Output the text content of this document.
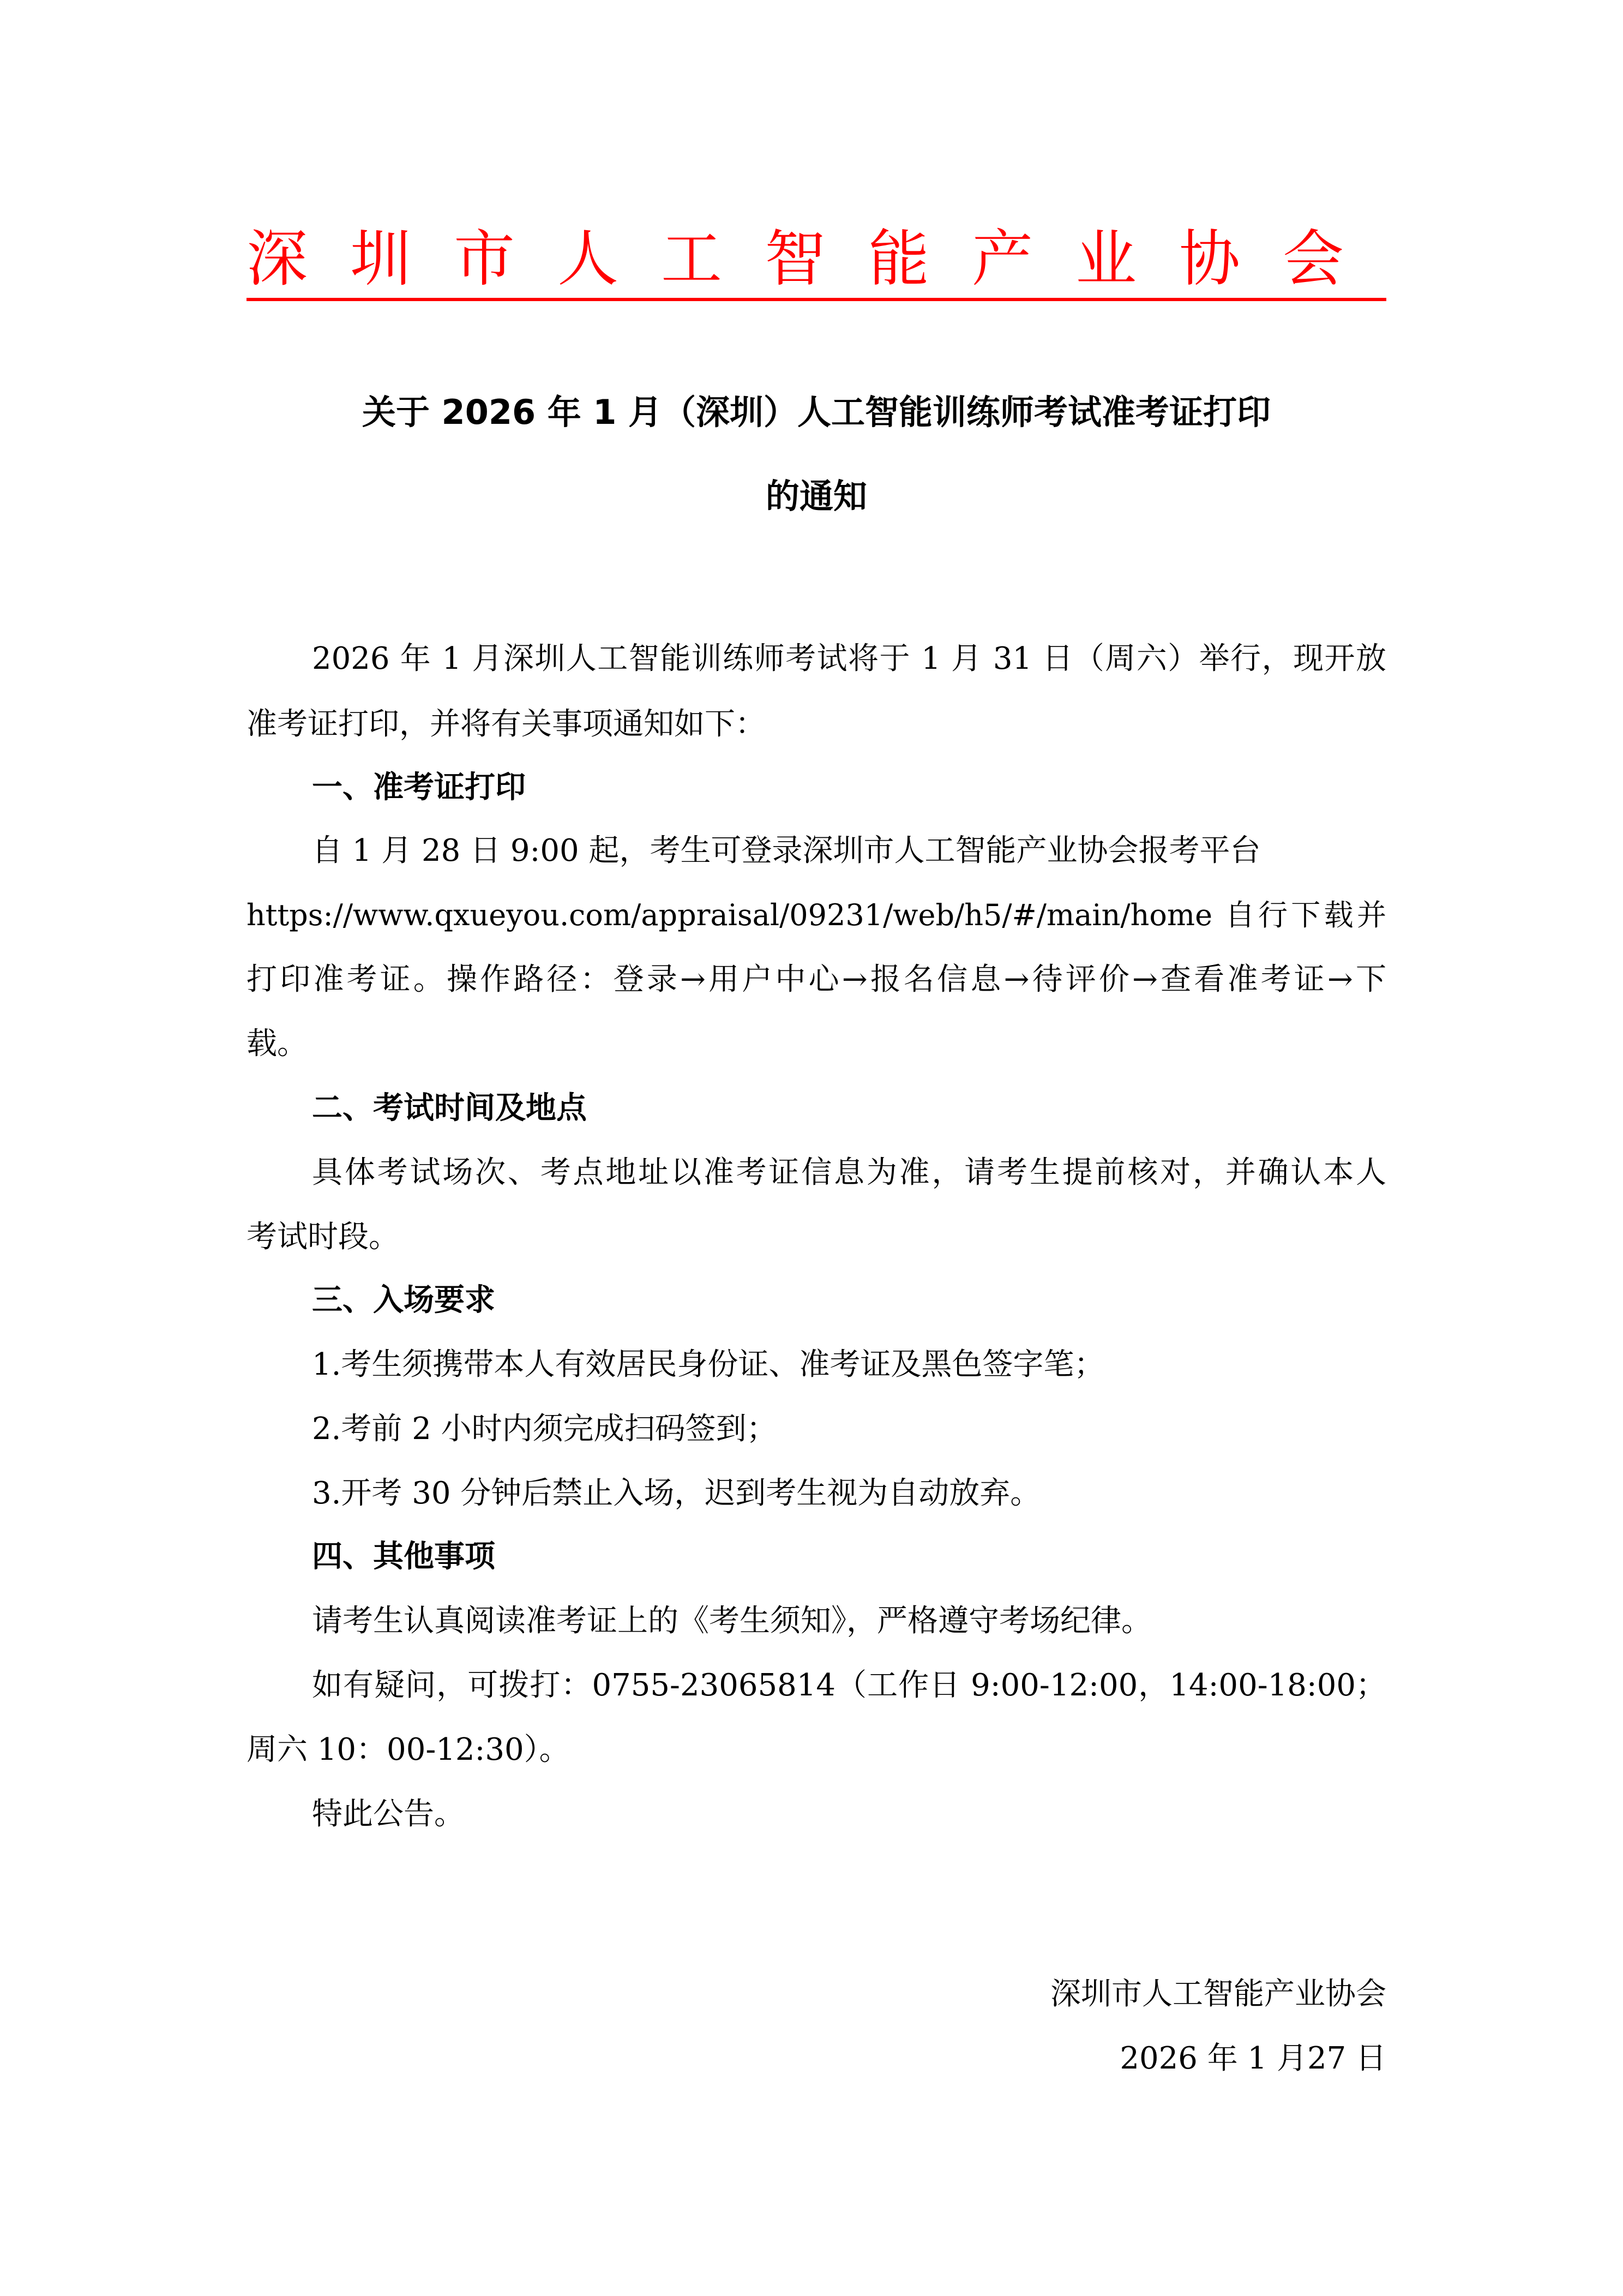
深圳市人工智能产业协会
关于 2026 年 1 月（深圳）人工智能训练师考试准考证打印
的通知
2026 年 1 月深圳人工智能训练师考试将于 1 月 31 日（周六）举行，现开放
准考证打印，并将有关事项通知如下：
一、准考证打印
自 1 月 28 日 9:00 起，考生可登录深圳市人工智能产业协会报考平台
https://www.qxueyou.com/appraisal/09231/web/h5/#/main/home 自行下载并
打印准考证。操作路径：登录→用户中心→报名信息→待评价→查看准考证→下
载。
二、考试时间及地点
具体考试场次、考点地址以准考证信息为准，请考生提前核对，并确认本人
考试时段。
三、入场要求
1.考生须携带本人有效居民身份证、准考证及黑色签字笔；
2.考前 2 小时内须完成扫码签到；
3.开考 30 分钟后禁止入场，迟到考生视为自动放弃。
四、其他事项
请考生认真阅读准考证上的《考生须知》，严格遵守考场纪律。
如有疑问，可拨打：0755-23065814（工作日 9:00-12:00，14:00-18:00；
周六 10：00-12:30）。
特此公告。
深圳市人工智能产业协会
2026 年 1 月27 日
